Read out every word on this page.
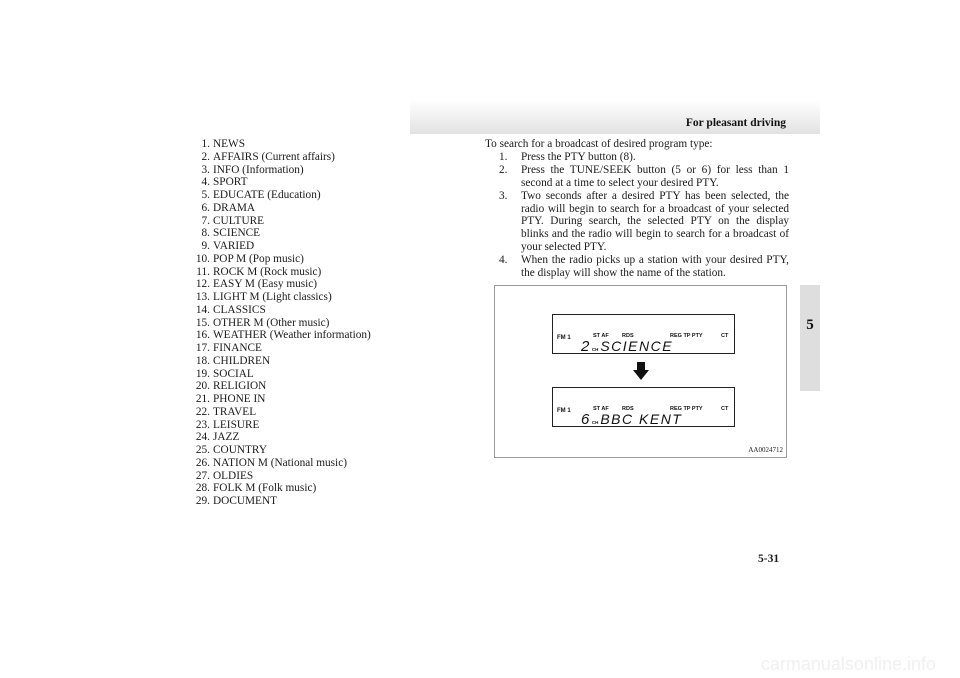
For pleasant driving
5
1. NEWS
2. AFFAIRS (Current affairs)
3. INFO (Information)
4. SPORT
5. EDUCATE (Education)
6. DRAMA
7. CULTURE
8. SCIENCE
9. VARIED
10. POP M (Pop music)
11. ROCK M (Rock music)
12. EASY M (Easy music)
13. LIGHT M (Light classics)
14. CLASSICS
15. OTHER M (Other music)
16. WEATHER (Weather information)
17. FINANCE
18. CHILDREN
19. SOCIAL
20. RELIGION
21. PHONE IN
22. TRAVEL
23. LEISURE
24. JAZZ
25. COUNTRY
26. NATION M (National music)
27. OLDIES
28. FOLK M (Folk music)
29. DOCUMENT
To search for a broadcast of desired program type:
1. Press the PTY button (8).
2. Press the TUNE/SEEK button (5 or 6) for less than 1 second at a time to select your desired PTY.
3. Two seconds after a desired PTY has been selected, the radio will begin to search for a broadcast of your selected PTY. During search, the selected PTY on the display blinks and the radio will begin to search for a broadcast of your selected PTY.
4. When the radio picks up a station with your desired PTY, the display will show the name of the station.
FM 1	ST AF RDS	REG TP PTY	CT
2CH SCIENCE
FM 1	ST AF RDS	REG TP PTY	CT
6CH BBC KENT
AA0024712
5-31
carmanualsonline.info
